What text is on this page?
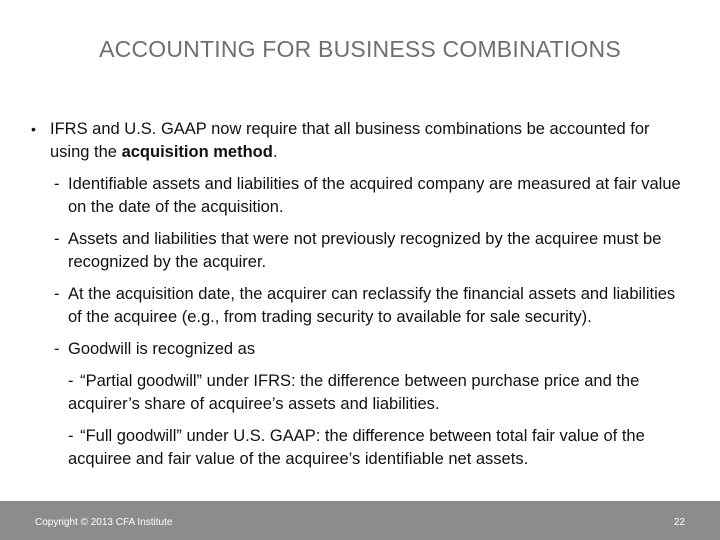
ACCOUNTING FOR BUSINESS COMBINATIONS
• IFRS and U.S. GAAP now require that all business combinations be accounted for using the acquisition method.
- Identifiable assets and liabilities of the acquired company are measured at fair value on the date of the acquisition.
- Assets and liabilities that were not previously recognized by the acquiree must be recognized by the acquirer.
- At the acquisition date, the acquirer can reclassify the financial assets and liabilities of the acquiree (e.g., from trading security to available for sale security).
- Goodwill is recognized as
- “Partial goodwill” under IFRS: the difference between purchase price and the acquirer’s share of acquiree’s assets and liabilities.
- “Full goodwill” under U.S. GAAP: the difference between total fair value of the acquiree and fair value of the acquiree’s identifiable net assets.
Copyright © 2013 CFA Institute	22
